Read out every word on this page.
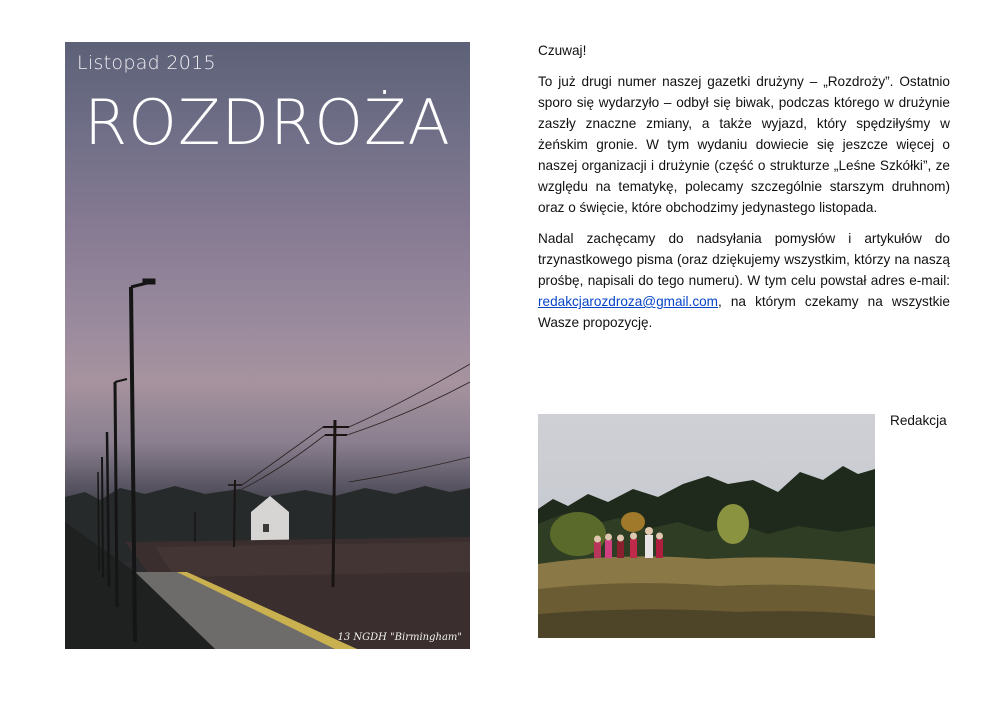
Listopad 2015
ROZDROŻA
13 NGDH "Birmingham"

Czuwaj!

To już drugi numer naszej gazetki drużyny – „Rozdroży”. Ostatnio sporo się wydarzyło – odbył się biwak, podczas którego w drużynie zaszły znaczne zmiany, a także wyjazd, który spędziłyśmy w żeńskim gronie. W tym wydaniu dowiecie się jeszcze więcej o naszej organizacji i drużynie (część o strukturze „Leśne Szkółki”, ze względu na tematykę, polecamy szczególnie starszym druhnom) oraz o święcie, które obchodzimy jedynastego listopada.

Nadal zachęcamy do nadsyłania pomysłów i artykułów do trzynastkowego pisma (oraz dziękujemy wszystkim, którzy na naszą prośbę, napisali do tego numeru). W tym celu powstał adres e-mail: redakcjarozdroza@gmail.com, na którym czekamy na wszystkie Wasze propozycję.

Redakcja
